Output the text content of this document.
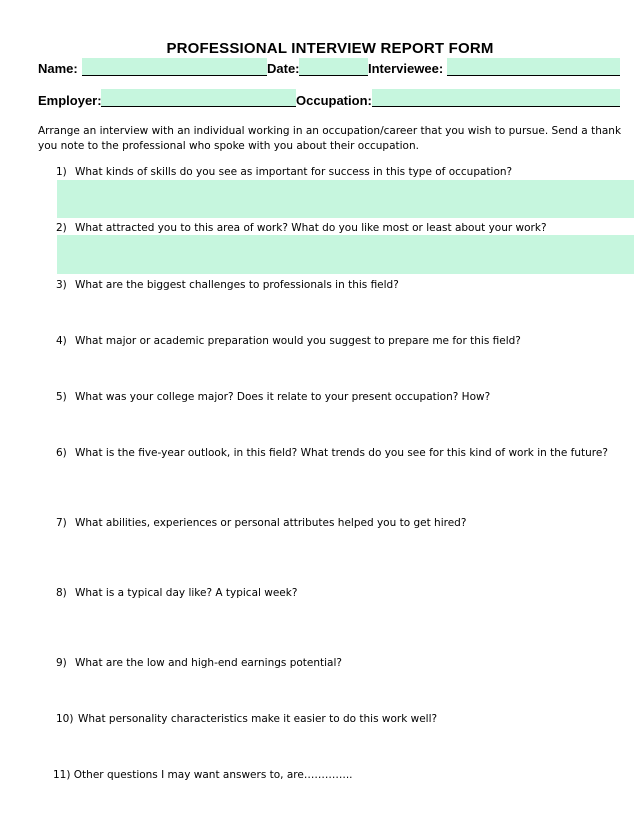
PROFESSIONAL INTERVIEW REPORT FORM
Name:	Date:	Interviewee:
Employer:	Occupation:
Arrange an interview with an individual working in an occupation/career that you wish to pursue. Send a thank you note to the professional who spoke with you about their occupation.
1) What kinds of skills do you see as important for success in this type of occupation?
2) What attracted you to this area of work? What do you like most or least about your work?
3) What are the biggest challenges to professionals in this field?
4) What major or academic preparation would you suggest to prepare me for this field?
5) What was your college major? Does it relate to your present occupation? How?
6) What is the five-year outlook, in this field? What trends do you see for this kind of work in the future?
7) What abilities, experiences or personal attributes helped you to get hired?
8) What is a typical day like? A typical week?
9) What are the low and high-end earnings potential?
10) What personality characteristics make it easier to do this work well?
11) Other questions I may want answers to, are…………..
